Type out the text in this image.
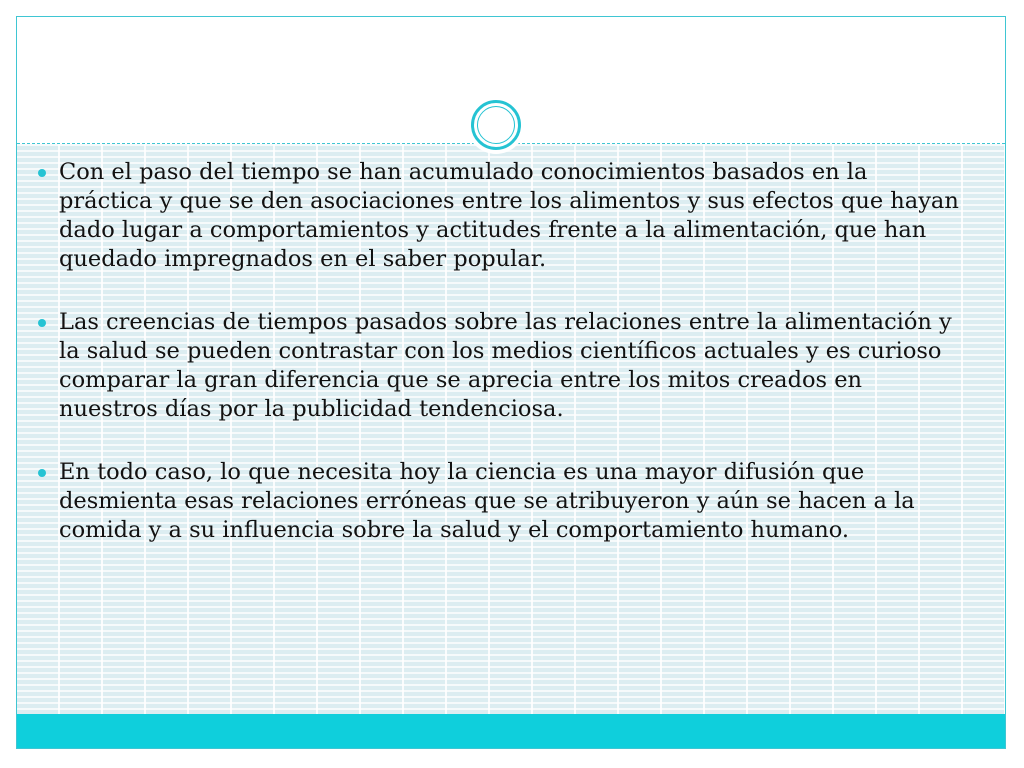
Con el paso del tiempo se han acumulado conocimientos basados en la práctica y que se den asociaciones entre los alimentos y sus efectos que hayan dado lugar a comportamientos y actitudes frente a la alimentación, que han quedado impregnados en el saber popular.
Las creencias de tiempos pasados sobre las relaciones entre la alimentación y la salud se pueden contrastar con los medios científicos actuales y es curioso comparar la gran diferencia que se aprecia entre los mitos creados en nuestros días por la publicidad tendenciosa.
En todo caso, lo que necesita hoy la ciencia es una mayor difusión que desmienta esas relaciones erróneas que se atribuyeron y aún se hacen a la comida y a su influencia sobre la salud y el comportamiento humano.
